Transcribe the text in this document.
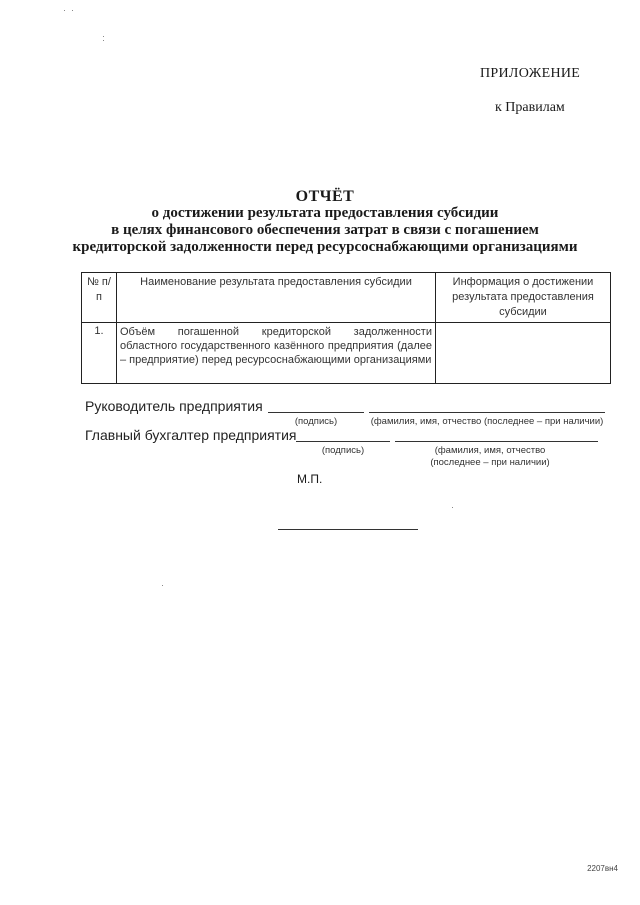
ПРИЛОЖЕНИЕ
к Правилам
ОТЧЁТ
о достижении результата предоставления субсидии
в целях финансового обеспечения затрат в связи с погашением
кредиторской задолженности перед ресурсоснабжающими организациями
№ п/п	Наименование результата предоставления субсидии	Информация о достижении результата предоставления субсидии
1.	Объём погашенной кредиторской задолженности областного государственного казённого предприятия (далее – предприятие) перед ресурсоснабжающими организациями	
Руководитель предприятия
(подпись)	(фамилия, имя, отчество (последнее – при наличии)
Главный бухгалтер предприятия
(подпись)	(фамилия, имя, отчество
(последнее – при наличии)
М.П.
2207вн4
